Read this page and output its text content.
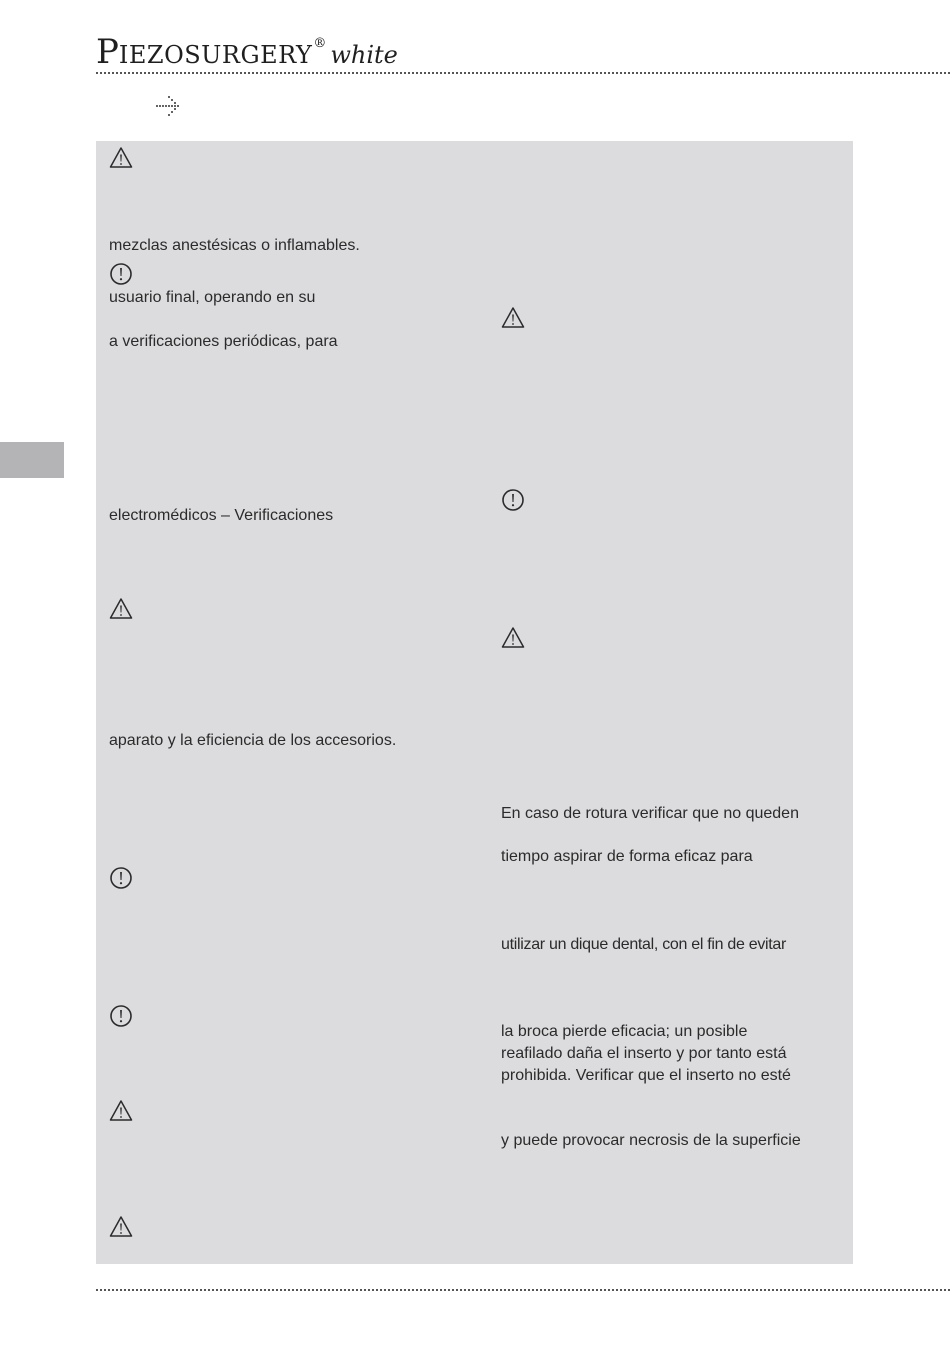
PIEZOSURGERY® white
mezclas anestésicas o inflamables.
usuario final, operando en su
a verificaciones periódicas, para
electromédicos – Verificaciones
aparato y la eficiencia de los accesorios.
En caso de rotura verificar que no queden
tiempo aspirar de forma eficaz para
utilizar un dique dental, con el fin de evitar
la broca pierde eficacia; un posible
reafilado daña el inserto y por tanto está
prohibida. Verificar que el inserto no esté
y puede provocar necrosis de la superficie
